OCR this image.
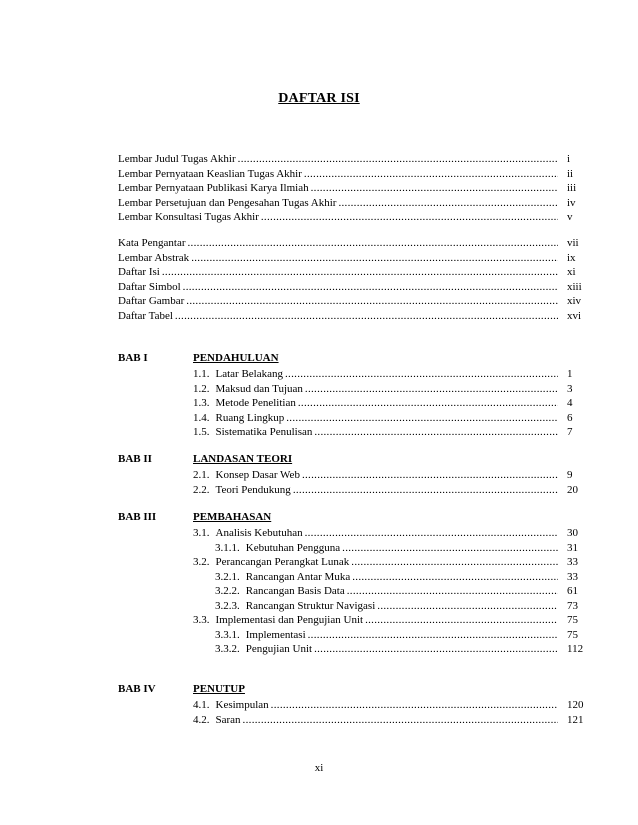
DAFTAR ISI
Lembar Judul Tugas Akhir .....	i
Lembar Pernyataan Keaslian Tugas Akhir .....	ii
Lembar Pernyataan Publikasi Karya Ilmiah .....	iii
Lembar Persetujuan dan Pengesahan Tugas Akhir .....	iv
Lembar Konsultasi Tugas Akhir .....	v
Kata Pengantar .....	vii
Lembar Abstrak .....	ix
Daftar Isi .....	xi
Daftar Simbol .....	xiii
Daftar Gambar .....	xiv
Daftar Tabel .....	xvi
BAB I	PENDAHULUAN
1.1. Latar Belakang .....	1
1.2. Maksud dan Tujuan .....	3
1.3. Metode Penelitian .....	4
1.4. Ruang Lingkup .....	6
1.5. Sistematika Penulisan .....	7
BAB II	LANDASAN TEORI
2.1. Konsep Dasar Web .....	9
2.2. Teori Pendukung .....	20
BAB III	PEMBAHASAN
3.1. Analisis Kebutuhan .....	30
3.1.1. Kebutuhan Pengguna .....	31
3.2. Perancangan Perangkat Lunak .....	33
3.2.1. Rancangan Antar Muka .....	33
3.2.2. Rancangan Basis Data .....	61
3.2.3. Rancangan Struktur Navigasi .....	73
3.3. Implementasi dan Pengujian Unit .....	75
3.3.1. Implementasi .....	75
3.3.2. Pengujian Unit .....	112
BAB IV	PENUTUP
4.1. Kesimpulan .....	120
4.2. Saran .....	121
xi
